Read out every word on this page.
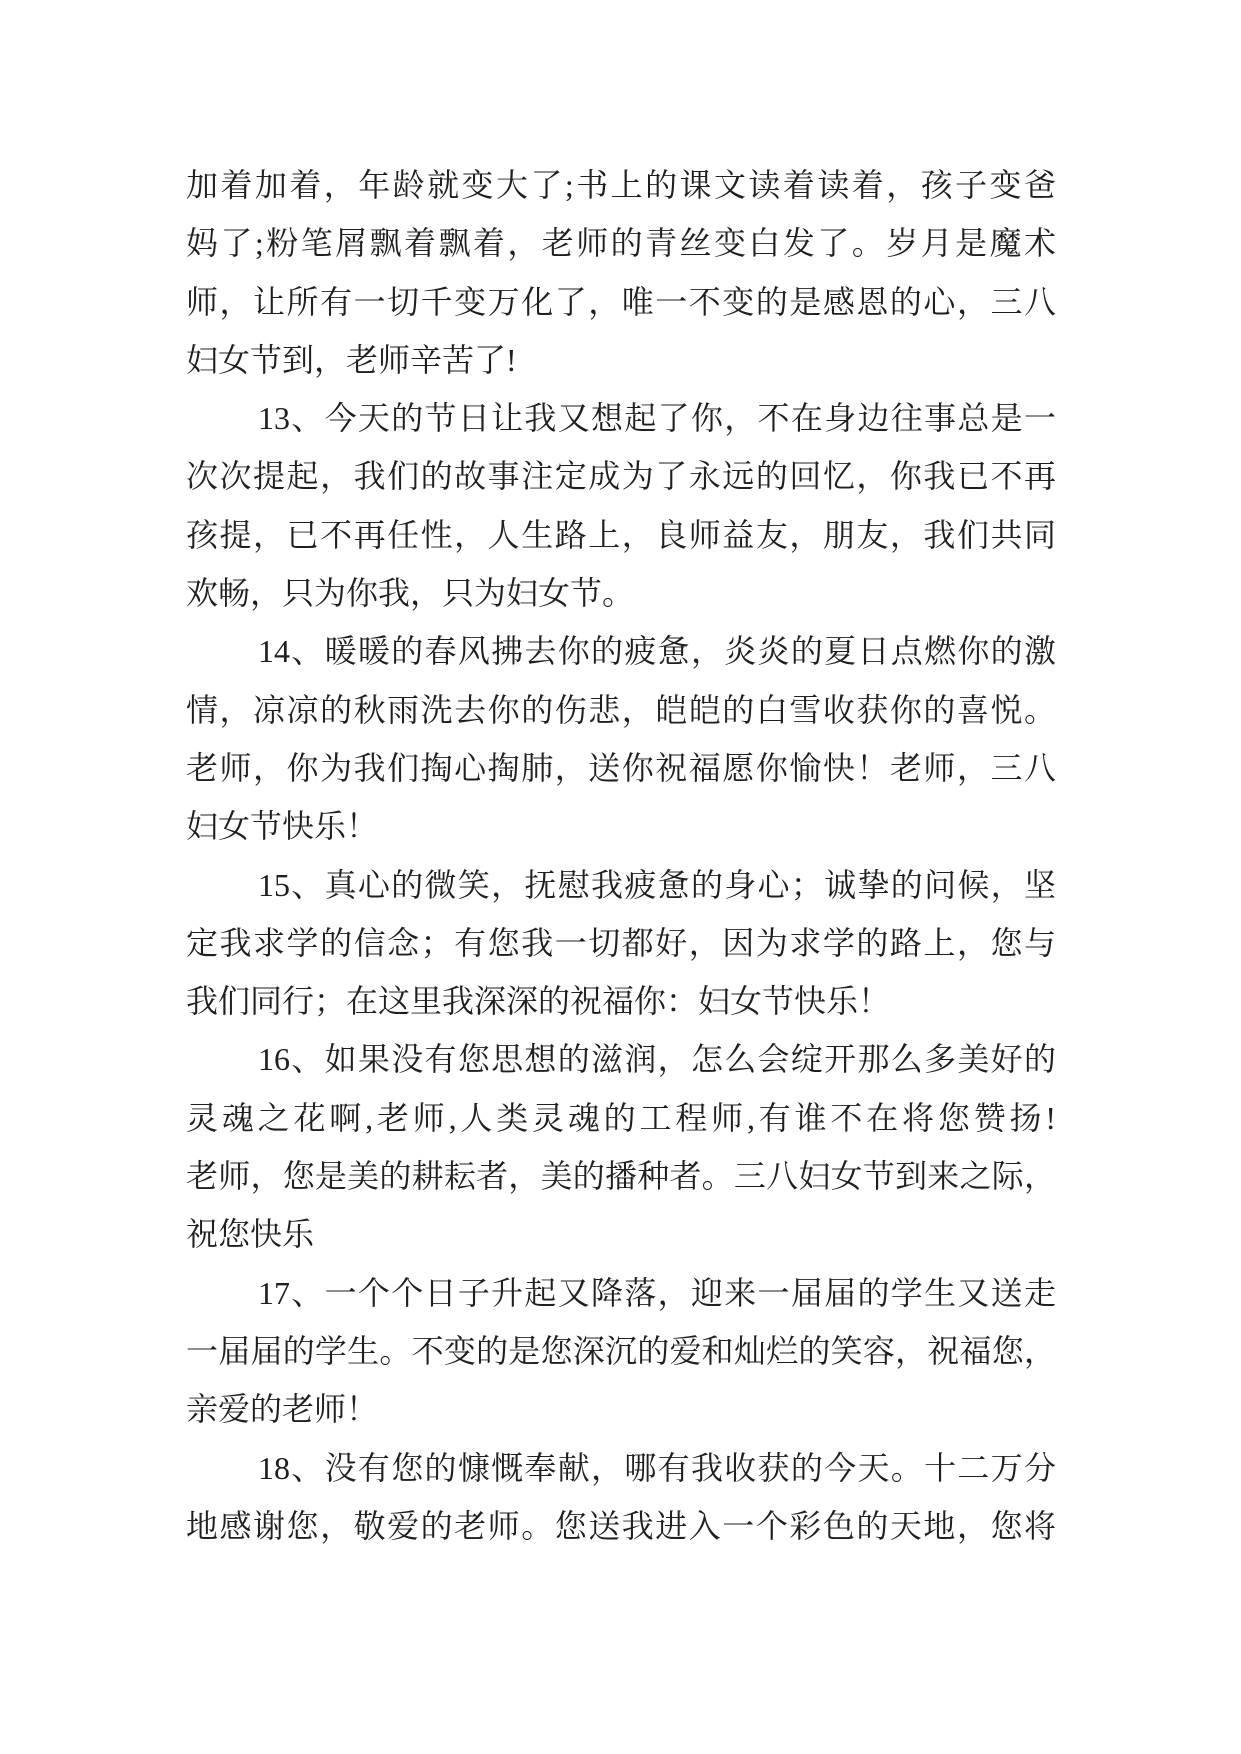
加着加着，年龄就变大了;书上的课文读着读着，孩子变爸
妈了;粉笔屑飘着飘着，老师的青丝变白发了。岁月是魔术
师，让所有一切千变万化了，唯一不变的是感恩的心，三八
妇女节到，老师辛苦了!
13、今天的节日让我又想起了你，不在身边往事总是一
次次提起，我们的故事注定成为了永远的回忆，你我已不再
孩提，已不再任性，人生路上，良师益友，朋友，我们共同
欢畅，只为你我，只为妇女节。
14、暖暖的春风拂去你的疲惫，炎炎的夏日点燃你的激
情，凉凉的秋雨洗去你的伤悲，皑皑的白雪收获你的喜悦。
老师，你为我们掏心掏肺，送你祝福愿你愉快！老师，三八
妇女节快乐！
15、真心的微笑，抚慰我疲惫的身心；诚挚的问候，坚
定我求学的信念；有您我一切都好，因为求学的路上，您与
我们同行；在这里我深深的祝福你：妇女节快乐！
16、如果没有您思想的滋润，怎么会绽开那么多美好的
灵魂之花啊,老师,人类灵魂的工程师,有谁不在将您赞扬!
老师，您是美的耕耘者，美的播种者。三八妇女节到来之际，
祝您快乐
17、一个个日子升起又降落，迎来一届届的学生又送走
一届届的学生。不变的是您深沉的爱和灿烂的笑容，祝福您，
亲爱的老师！
18、没有您的慷慨奉献，哪有我收获的今天。十二万分
地感谢您，敬爱的老师。您送我进入一个彩色的天地，您将
